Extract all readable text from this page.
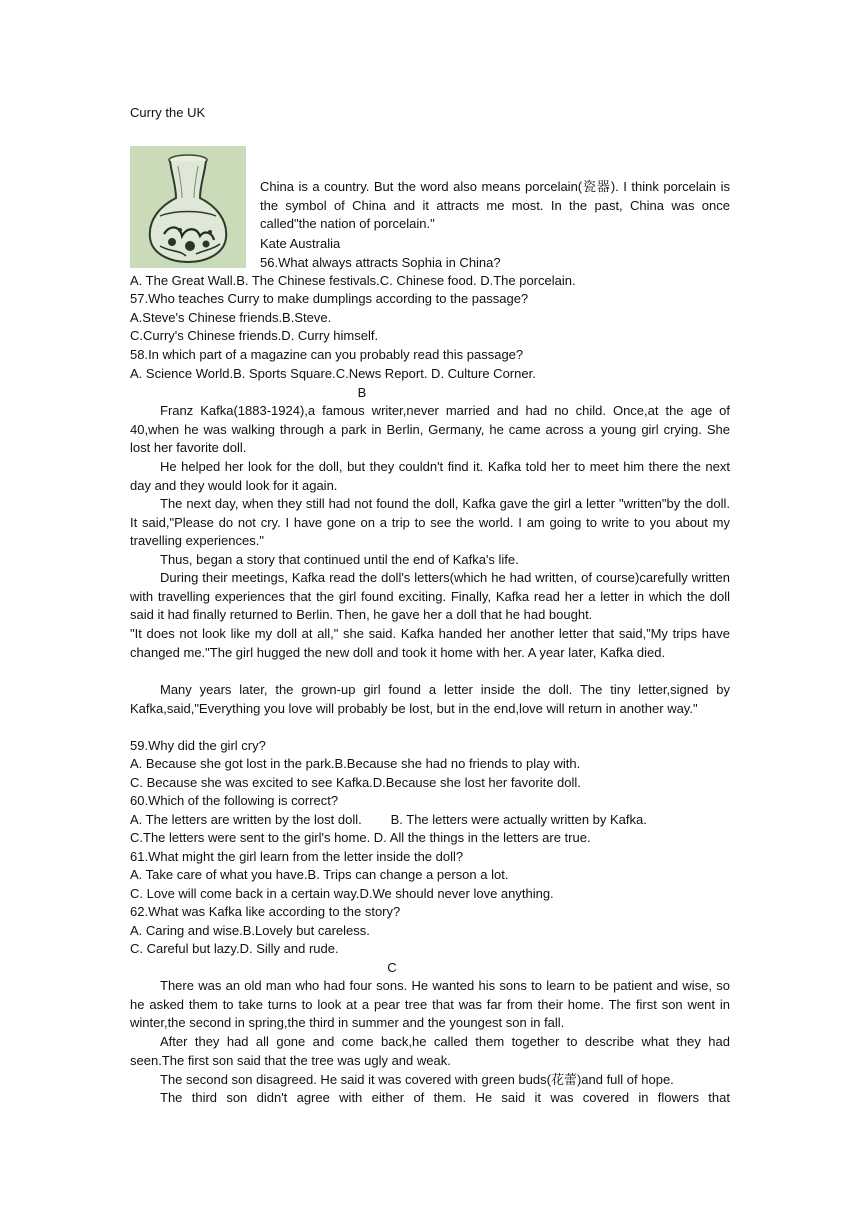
Curry the UK
China is a country. But the word also means porcelain(瓷器). I think porcelain is the symbol of China and it attracts me most. In the past, China was once called"the nation of porcelain."
Kate Australia
56.What always attracts Sophia in China?
A. The Great Wall.B. The Chinese festivals.C. Chinese food. D.The porcelain.
57.Who teaches Curry to make dumplings according to the passage?
A.Steve's Chinese friends.B.Steve.
C.Curry's Chinese friends.D. Curry himself.
58.In which part of a magazine can you probably read this passage?
A. Science World.B. Sports Square.C.News Report. D. Culture Corner.
B
Franz Kafka(1883-1924),a famous writer,never married and had no child. Once,at the age of 40,when he was walking through a park in Berlin, Germany, he came across a young girl crying. She lost her favorite doll.
He helped her look for the doll, but they couldn't find it. Kafka told her to meet him there the next day and they would look for it again.
The next day, when they still had not found the doll, Kafka gave the girl a letter "written"by the doll. It said,"Please do not cry. I have gone on a trip to see the world. I am going to write to you about my travelling experiences."
Thus, began a story that continued until the end of Kafka's life.
During their meetings, Kafka read the doll's letters(which he had written, of course)carefully written with travelling experiences that the girl found exciting. Finally, Kafka read her a letter in which the doll said it had finally returned to Berlin. Then, he gave her a doll that he had bought.
"It does not look like my doll at all," she said. Kafka handed her another letter that said,”My trips have changed me."The girl hugged the new doll and took it home with her. A year later, Kafka died.
Many years later, the grown-up girl found a letter inside the doll. The tiny letter,signed by Kafka,said,"Everything you love will probably be lost, but in the end,love will return in another way."
59.Why did the girl cry?
A. Because she got lost in the park.B.Because she had no friends to play with.
C. Because she was excited to see Kafka.D.Because she lost her favorite doll.
60.Which of the following is correct?
A. The letters are written by the lost doll.        B. The letters were actually written by Kafka.
C.The letters were sent to the girl's home. D. All the things in the letters are true.
61.What might the girl learn from the letter inside the doll?
A. Take care of what you have.B. Trips can change a person a lot.
C. Love will come back in a certain way.D.We should never love anything.
62.What was Kafka like according to the story?
A. Caring and wise.B.Lovely but careless.
C. Careful but lazy.D. Silly and rude.
C
There was an old man who had four sons. He wanted his sons to learn to be patient and wise, so he asked them to take turns to look at a pear tree that was far from their home. The first son went in winter,the second in spring,the third in summer and the youngest son in fall.
After they had all gone and come back,he called them together to describe what they had seen.The first son said that the tree was ugly and weak.
The second son disagreed. He said it was covered with green buds(花蕾)and full of hope.
The third son didn't agree with either of them. He said it was covered in flowers that
